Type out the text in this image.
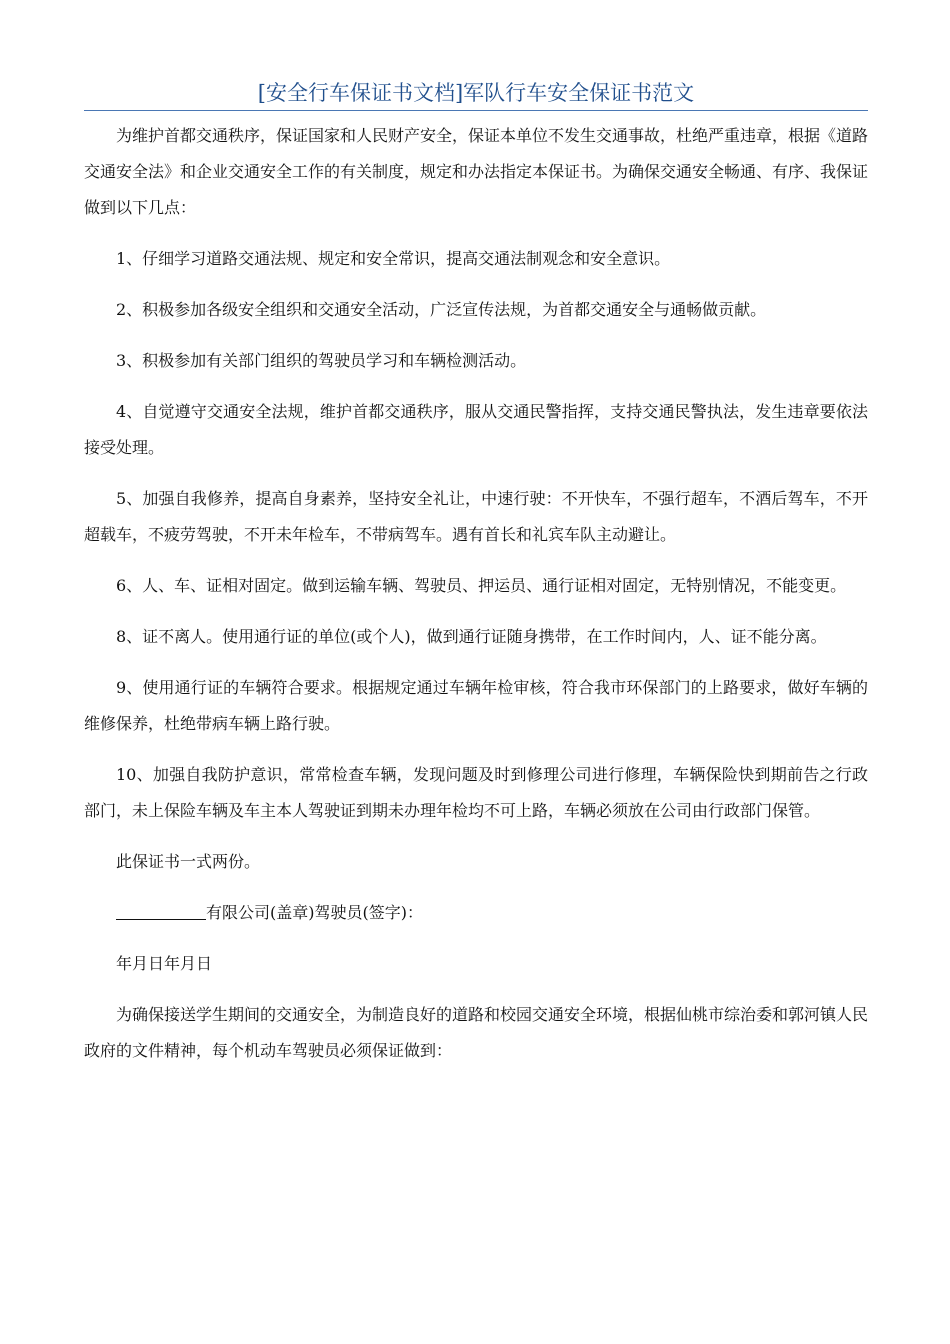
[安全行车保证书文档]军队行车安全保证书范文

为维护首都交通秩序，保证国家和人民财产安全，保证本单位不发生交通事故，杜绝严重违章，根据《道路交通安全法》和企业交通安全工作的有关制度，规定和办法指定本保证书。为确保交通安全畅通、有序、我保证做到以下几点：

1、仔细学习道路交通法规、规定和安全常识，提高交通法制观念和安全意识。

2、积极参加各级安全组织和交通安全活动，广泛宣传法规，为首都交通安全与通畅做贡献。

3、积极参加有关部门组织的驾驶员学习和车辆检测活动。

4、自觉遵守交通安全法规，维护首都交通秩序，服从交通民警指挥，支持交通民警执法，发生违章要依法接受处理。

5、加强自我修养，提高自身素养，坚持安全礼让，中速行驶：不开快车，不强行超车，不酒后驾车，不开超载车，不疲劳驾驶，不开未年检车，不带病驾车。遇有首长和礼宾车队主动避让。

6、人、车、证相对固定。做到运输车辆、驾驶员、押运员、通行证相对固定，无特别情况，不能变更。

8、证不离人。使用通行证的单位(或个人)，做到通行证随身携带，在工作时间内，人、证不能分离。

9、使用通行证的车辆符合要求。根据规定通过车辆年检审核，符合我市环保部门的上路要求，做好车辆的维修保养，杜绝带病车辆上路行驶。

10、加强自我防护意识，常常检查车辆，发现问题及时到修理公司进行修理，车辆保险快到期前告之行政部门，未上保险车辆及车主本人驾驶证到期未办理年检均不可上路，车辆必须放在公司由行政部门保管。

此保证书一式两份。

有限公司(盖章)驾驶员(签字)：

年月日年月日

为确保接送学生期间的交通安全，为制造良好的道路和校园交通安全环境，根据仙桃市综治委和郭河镇人民政府的文件精神，每个机动车驾驶员必须保证做到：
